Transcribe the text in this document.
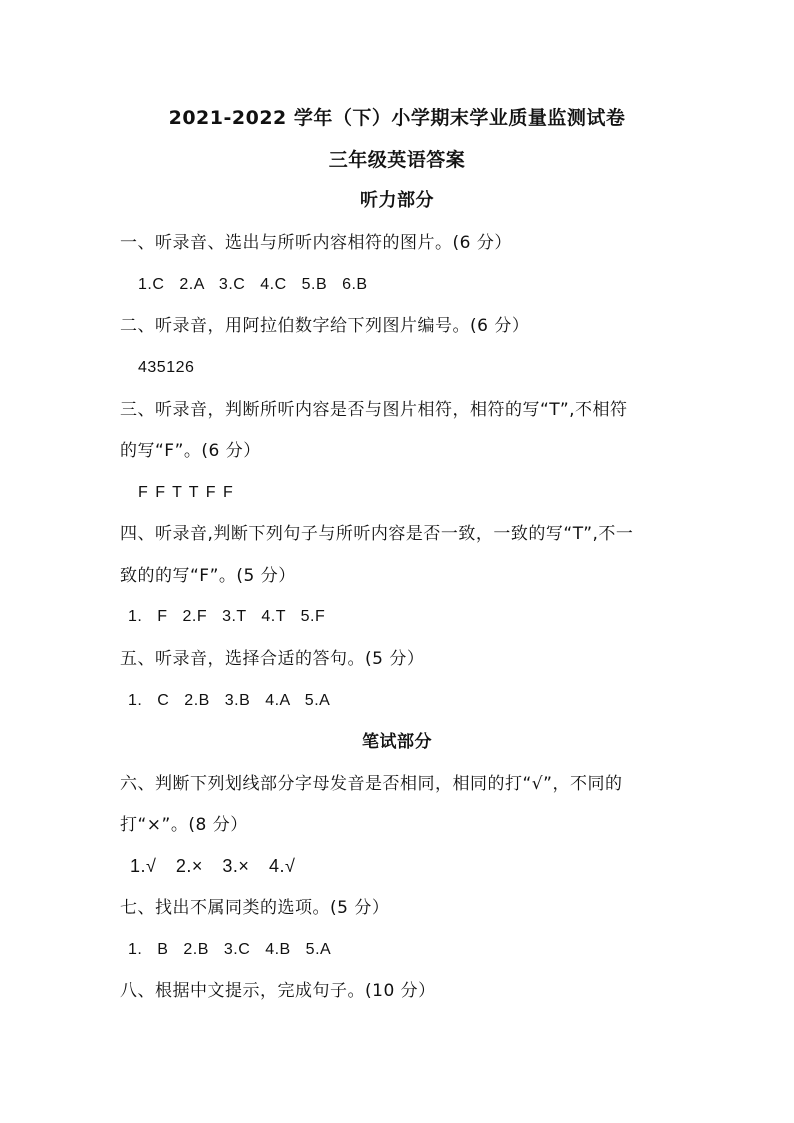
2021-2022 学年（下）小学期末学业质量监测试卷
三年级英语答案
听力部分
一、听录音、选出与所听内容相符的图片。(6 分）
1.C 2.A 3.C 4.C 5.B 6.B
二、听录音，用阿拉伯数字给下列图片编号。(6 分）
435126
三、听录音，判断所听内容是否与图片相符，相符的写“T”,不相符
的写“F”。(6 分）
F F T T F F
四、听录音,判断下列句子与所听内容是否一致，一致的写“T”,不一
致的的写“F”。(5 分）
1. F 2.F 3.T 4.T 5.F
五、听录音，选择合适的答句。(5 分）
1. C 2.B 3.B 4.A 5.A
笔试部分
六、判断下列划线部分字母发音是否相同，相同的打“√”，不同的
打“×”。(8 分）
1.√ 2.× 3.× 4.√
七、找出不属同类的选项。(5 分）
1. B 2.B 3.C 4.B 5.A
八、根据中文提示，完成句子。(10 分）
